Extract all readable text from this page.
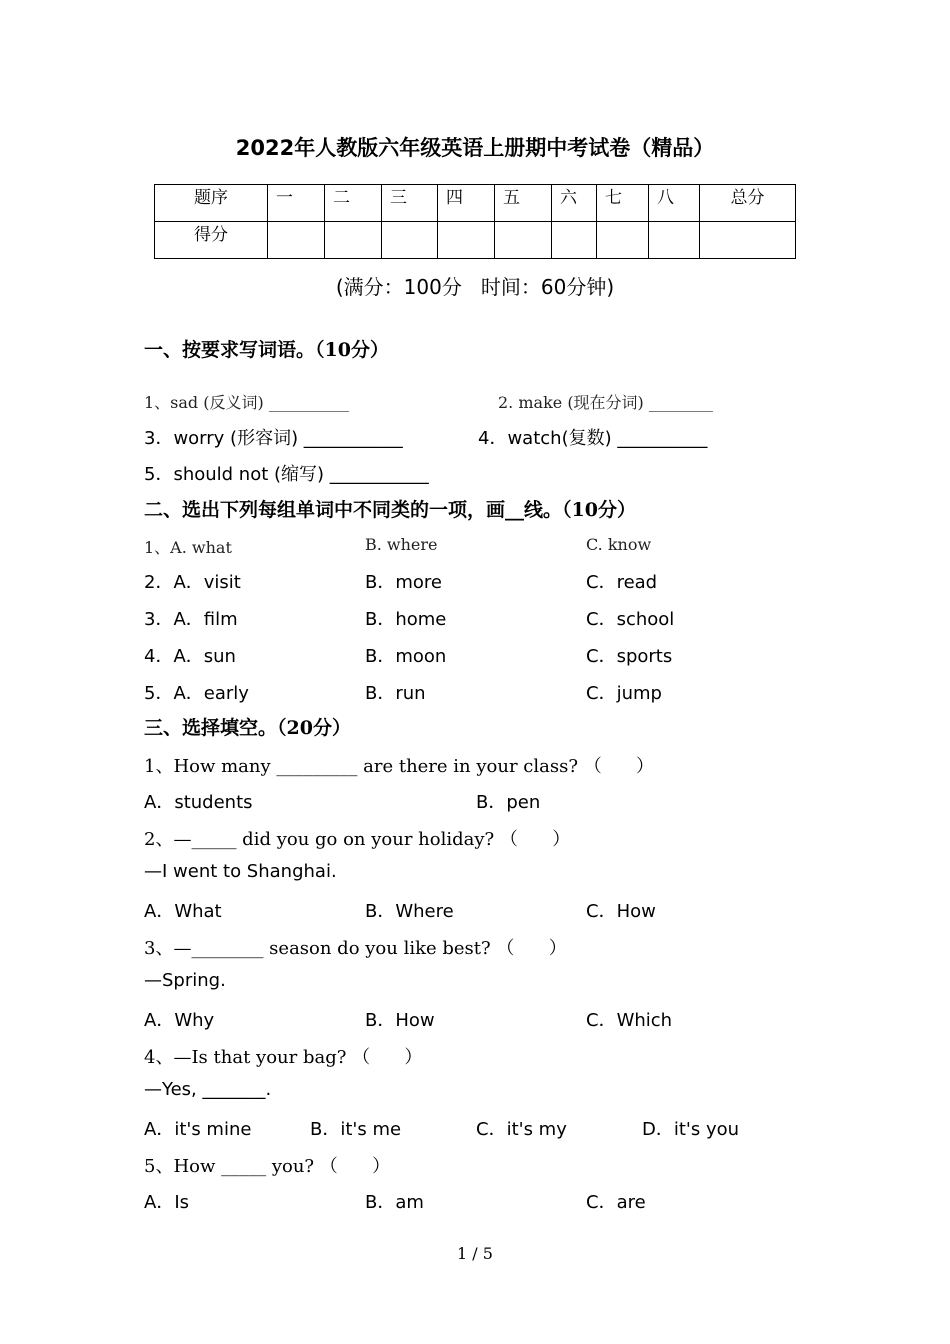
2022年人教版六年级英语上册期中考试卷（精品）
题序	一	二	三	四	五	六	七	八	总分
得分									
(满分：100分   时间：60分钟)
一、按要求写词语。（10分）
1、sad (反义词) __________	2. make (现在分词) ________
3．worry (形容词) ___________	4．watch(复数) __________
5．should not (缩写) ___________
二、选出下列每组单词中不同类的一项，画__线。（10分）
1、A. what	B. where	C. know
2．A．visit	B．more	C．read
3．A．film	B．home	C．school
4．A．sun	B．moon	C．sports
5．A．early	B．run	C．jump
三、选择填空。（20分）
1、How many _________ are there in your class? （      ）
A．students	B．pen
2、—_____ did you go on your holiday? （      ）
—I went to Shanghai.
A．What	B．Where	C．How
3、—________ season do you like best? （      ）
—Spring.
A．Why	B．How	C．Which
4、—Is that your bag? （      ）
—Yes, _______.
A．it's mine	B．it's me	C．it's my	D．it's you
5、How _____ you? （      ）
A．Is	B．am	C．are
1 / 5
